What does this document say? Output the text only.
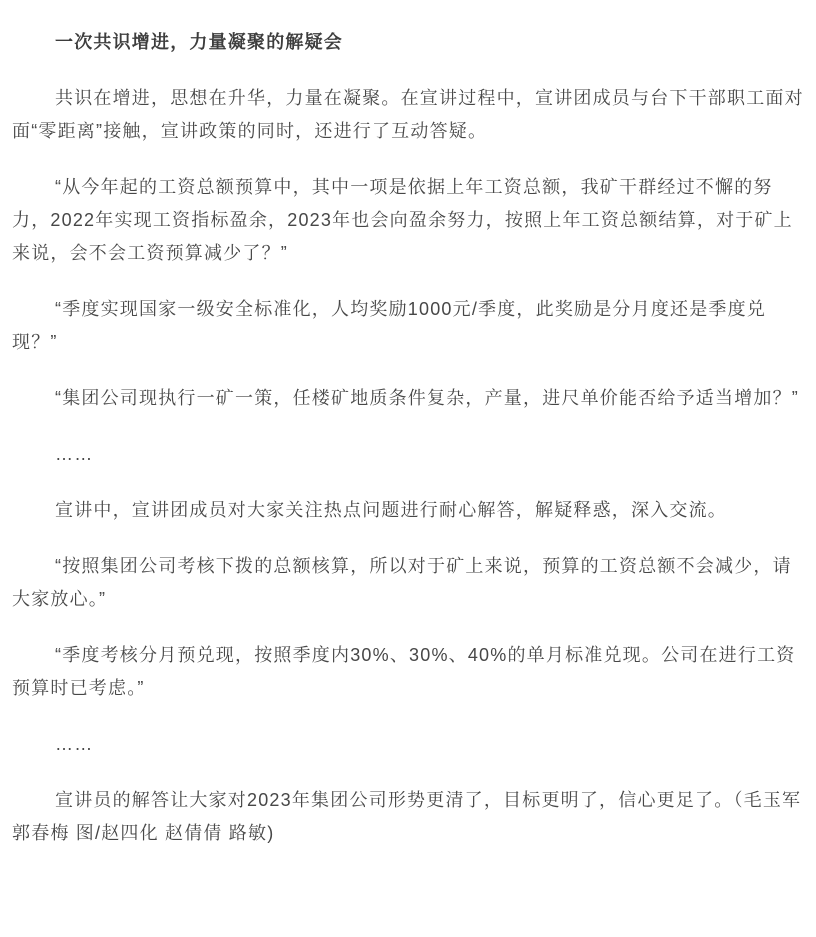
一次共识增进，力量凝聚的解疑会

共识在增进，思想在升华，力量在凝聚。在宣讲过程中，宣讲团成员与台下干部职工面对面“零距离”接触，宣讲政策的同时，还进行了互动答疑。

“从今年起的工资总额预算中，其中一项是依据上年工资总额，我矿干群经过不懈的努力，2022年实现工资指标盈余，2023年也会向盈余努力，按照上年工资总额结算，对于矿上来说，会不会工资预算减少了？”

“季度实现国家一级安全标准化，人均奖励1000元/季度，此奖励是分月度还是季度兑现？”

“集团公司现执行一矿一策，任楼矿地质条件复杂，产量，进尺单价能否给予适当增加？”

……

宣讲中，宣讲团成员对大家关注热点问题进行耐心解答，解疑释惑，深入交流。

“按照集团公司考核下拨的总额核算，所以对于矿上来说，预算的工资总额不会减少，请大家放心。”

“季度考核分月预兑现，按照季度内30%、30%、40%的单月标准兑现。公司在进行工资预算时已考虑。”

……

宣讲员的解答让大家对2023年集团公司形势更清了，目标更明了，信心更足了。（毛玉军 郭春梅 图/赵四化 赵倩倩 路敏)
